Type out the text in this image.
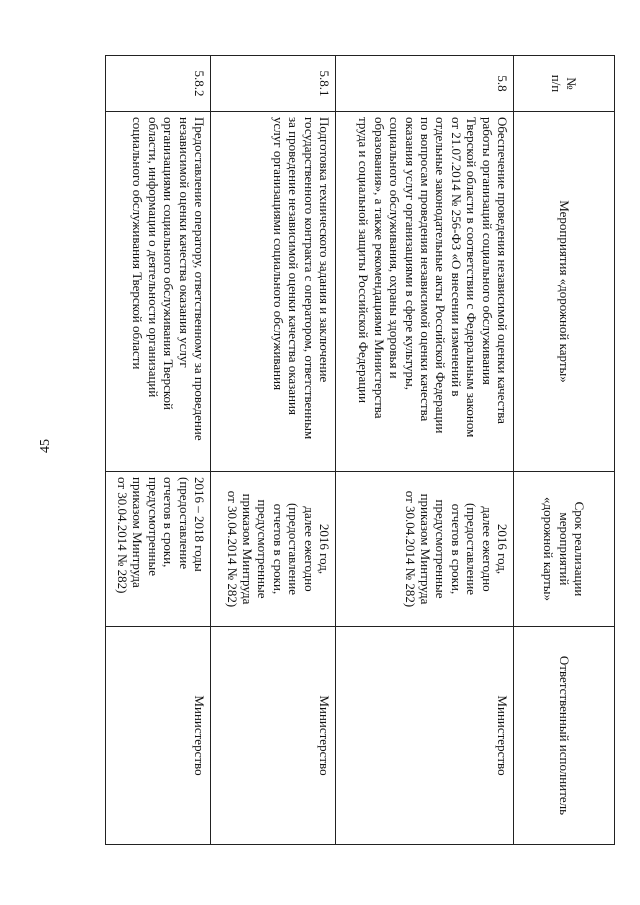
45
№
п/п
Мероприятия «дорожной карты»
Срок реализации
мероприятий
«дорожной карты»
Ответственный исполнитель
5.8
Обеспечение проведения независимой оценки качества
работы организаций социального обслуживания
Тверской области в соответствии с Федеральным законом
от 21.07.2014 № 256-ФЗ «О внесении изменений в
отдельные законодательные акты Российской Федерации
по вопросам проведения независимой оценки качества
оказания услуг организациями в сфере культуры,
социального обслуживания, охраны здоровья и
образования», а также рекомендациями Министерства
труда и социальной защиты Российской Федерации
2016 год,
далее ежегодно
(предоставление
отчетов в сроки,
предусмотренные
приказом Минтруда
от 30.04.2014 № 282)
Министерство
5.8.1
Подготовка технического задания и заключение
государственного контракта с оператором, ответственным
за проведение независимой оценки качества оказания
услуг организациями социального обслуживания
2016 год,
далее ежегодно
(предоставление
отчетов в сроки,
предусмотренные
приказом Минтруда
от 30.04.2014 № 282)
Министерство
5.8.2
Предоставление оператору, ответственному за проведение
независимой оценки качества оказания услуг
организациями социального обслуживания Тверской
области, информации о деятельности организаций
социального обслуживания Тверской области
2016 – 2018 годы
(предоставление
отчетов в сроки,
предусмотренные
приказом Минтруда
от 30.04.2014 № 282)
Министерство
